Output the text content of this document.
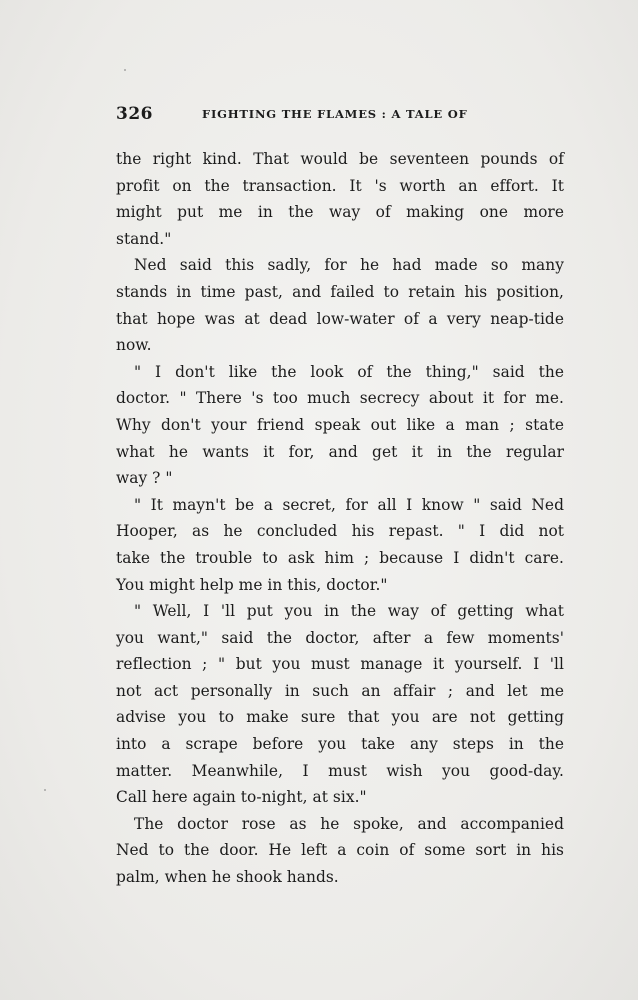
326	FIGHTING THE FLAMES : A TALE OF
the right kind. That would be seventeen pounds of
profit on the transaction. It 's worth an effort. It
might put me in the way of making one more
stand."
Ned said this sadly, for he had made so many
stands in time past, and failed to retain his position,
that hope was at dead low-water of a very neap-tide
now.
" I don't like the look of the thing," said the
doctor. " There 's too much secrecy about it for me.
Why don't your friend speak out like a man ; state
what he wants it for, and get it in the regular
way ? "
" It mayn't be a secret, for all I know " said Ned
Hooper, as he concluded his repast. " I did not
take the trouble to ask him ; because I didn't care.
You might help me in this, doctor."
" Well, I 'll put you in the way of getting what
you want," said the doctor, after a few moments'
reflection ; " but you must manage it yourself. I 'll
not act personally in such an affair ; and let me
advise you to make sure that you are not getting
into a scrape before you take any steps in the
matter. Meanwhile, I must wish you good-day.
Call here again to-night, at six."
The doctor rose as he spoke, and accompanied
Ned to the door. He left a coin of some sort in his
palm, when he shook hands.
